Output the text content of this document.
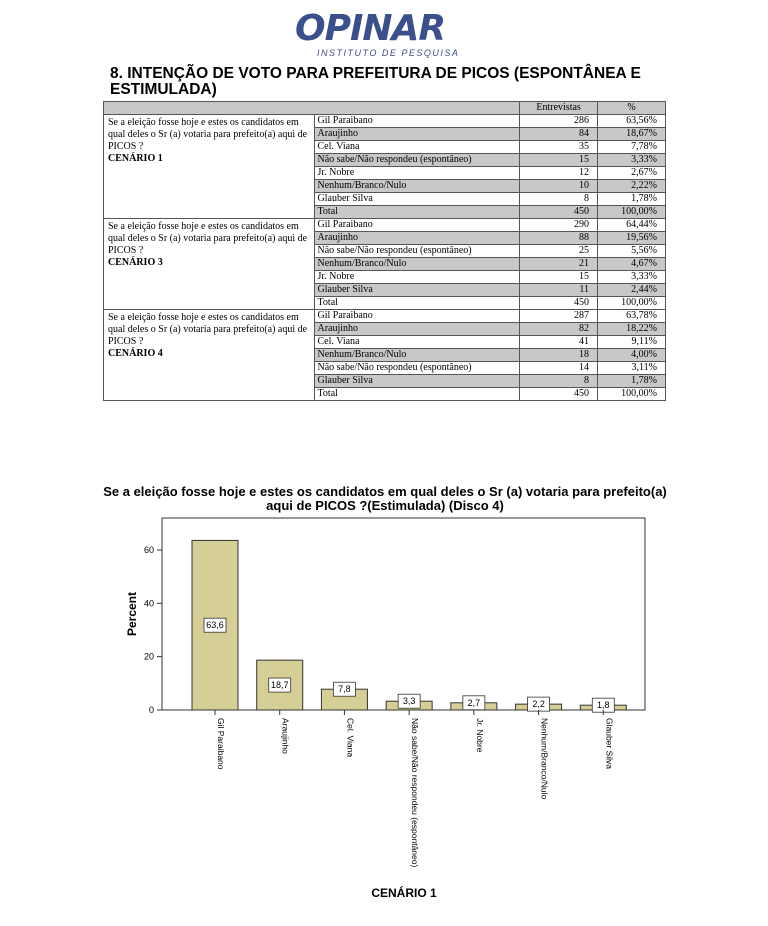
OPINAR
INSTITUTO DE PESQUISA
8. INTENÇÃO DE VOTO PARA PREFEITURA DE PICOS (ESPONTÂNEA E ESTIMULADA)
		Entrevistas	%
Se a eleição fosse hoje e estes os candidatos em qual deles o Sr (a) votaria para prefeito(a) aqui de PICOS ?
CENÁRIO 1	Gil Paraibano	286	63,56%
	Araujinho	84	18,67%
	Cel. Viana	35	7,78%
	Não sabe/Não respondeu (espontâneo)	15	3,33%
	Jr. Nobre	12	2,67%
	Nenhum/Branco/Nulo	10	2,22%
	Glauber Silva	8	1,78%
	Total	450	100,00%
Se a eleição fosse hoje e estes os candidatos em qual deles o Sr (a) votaria para prefeito(a) aqui de PICOS ?
CENÁRIO 3	Gil Paraibano	290	64,44%
	Araujinho	88	19,56%
	Não sabe/Não respondeu (espontâneo)	25	5,56%
	Nenhum/Branco/Nulo	21	4,67%
	Jr. Nobre	15	3,33%
	Glauber Silva	11	2,44%
	Total	450	100,00%
Se a eleição fosse hoje e estes os candidatos em qual deles o Sr (a) votaria para prefeito(a) aqui de PICOS ?
CENÁRIO 4	Gil Paraibano	287	63,78%
	Araujinho	82	18,22%
	Cel. Viana	41	9,11%
	Nenhum/Branco/Nulo	18	4,00%
	Não sabe/Não respondeu (espontâneo)	14	3,11%
	Glauber Silva	8	1,78%
	Total	450	100,00%
Se a eleição fosse hoje e estes os candidatos em qual deles o Sr (a) votaria para prefeito(a) aqui de PICOS ?(Estimulada) (Disco 4)
0
20
40
60
Percent	63,6
Gil Paraibano
18,7
Araujinho
7,8
Cel. Viana
3,3
Não sabe/Não respondeu (espontâneo)
2,7
Jr. Nobre
2,2
Nenhum/Branco/Nulo
1,8
Glauber Silva
CENÁRIO 1
